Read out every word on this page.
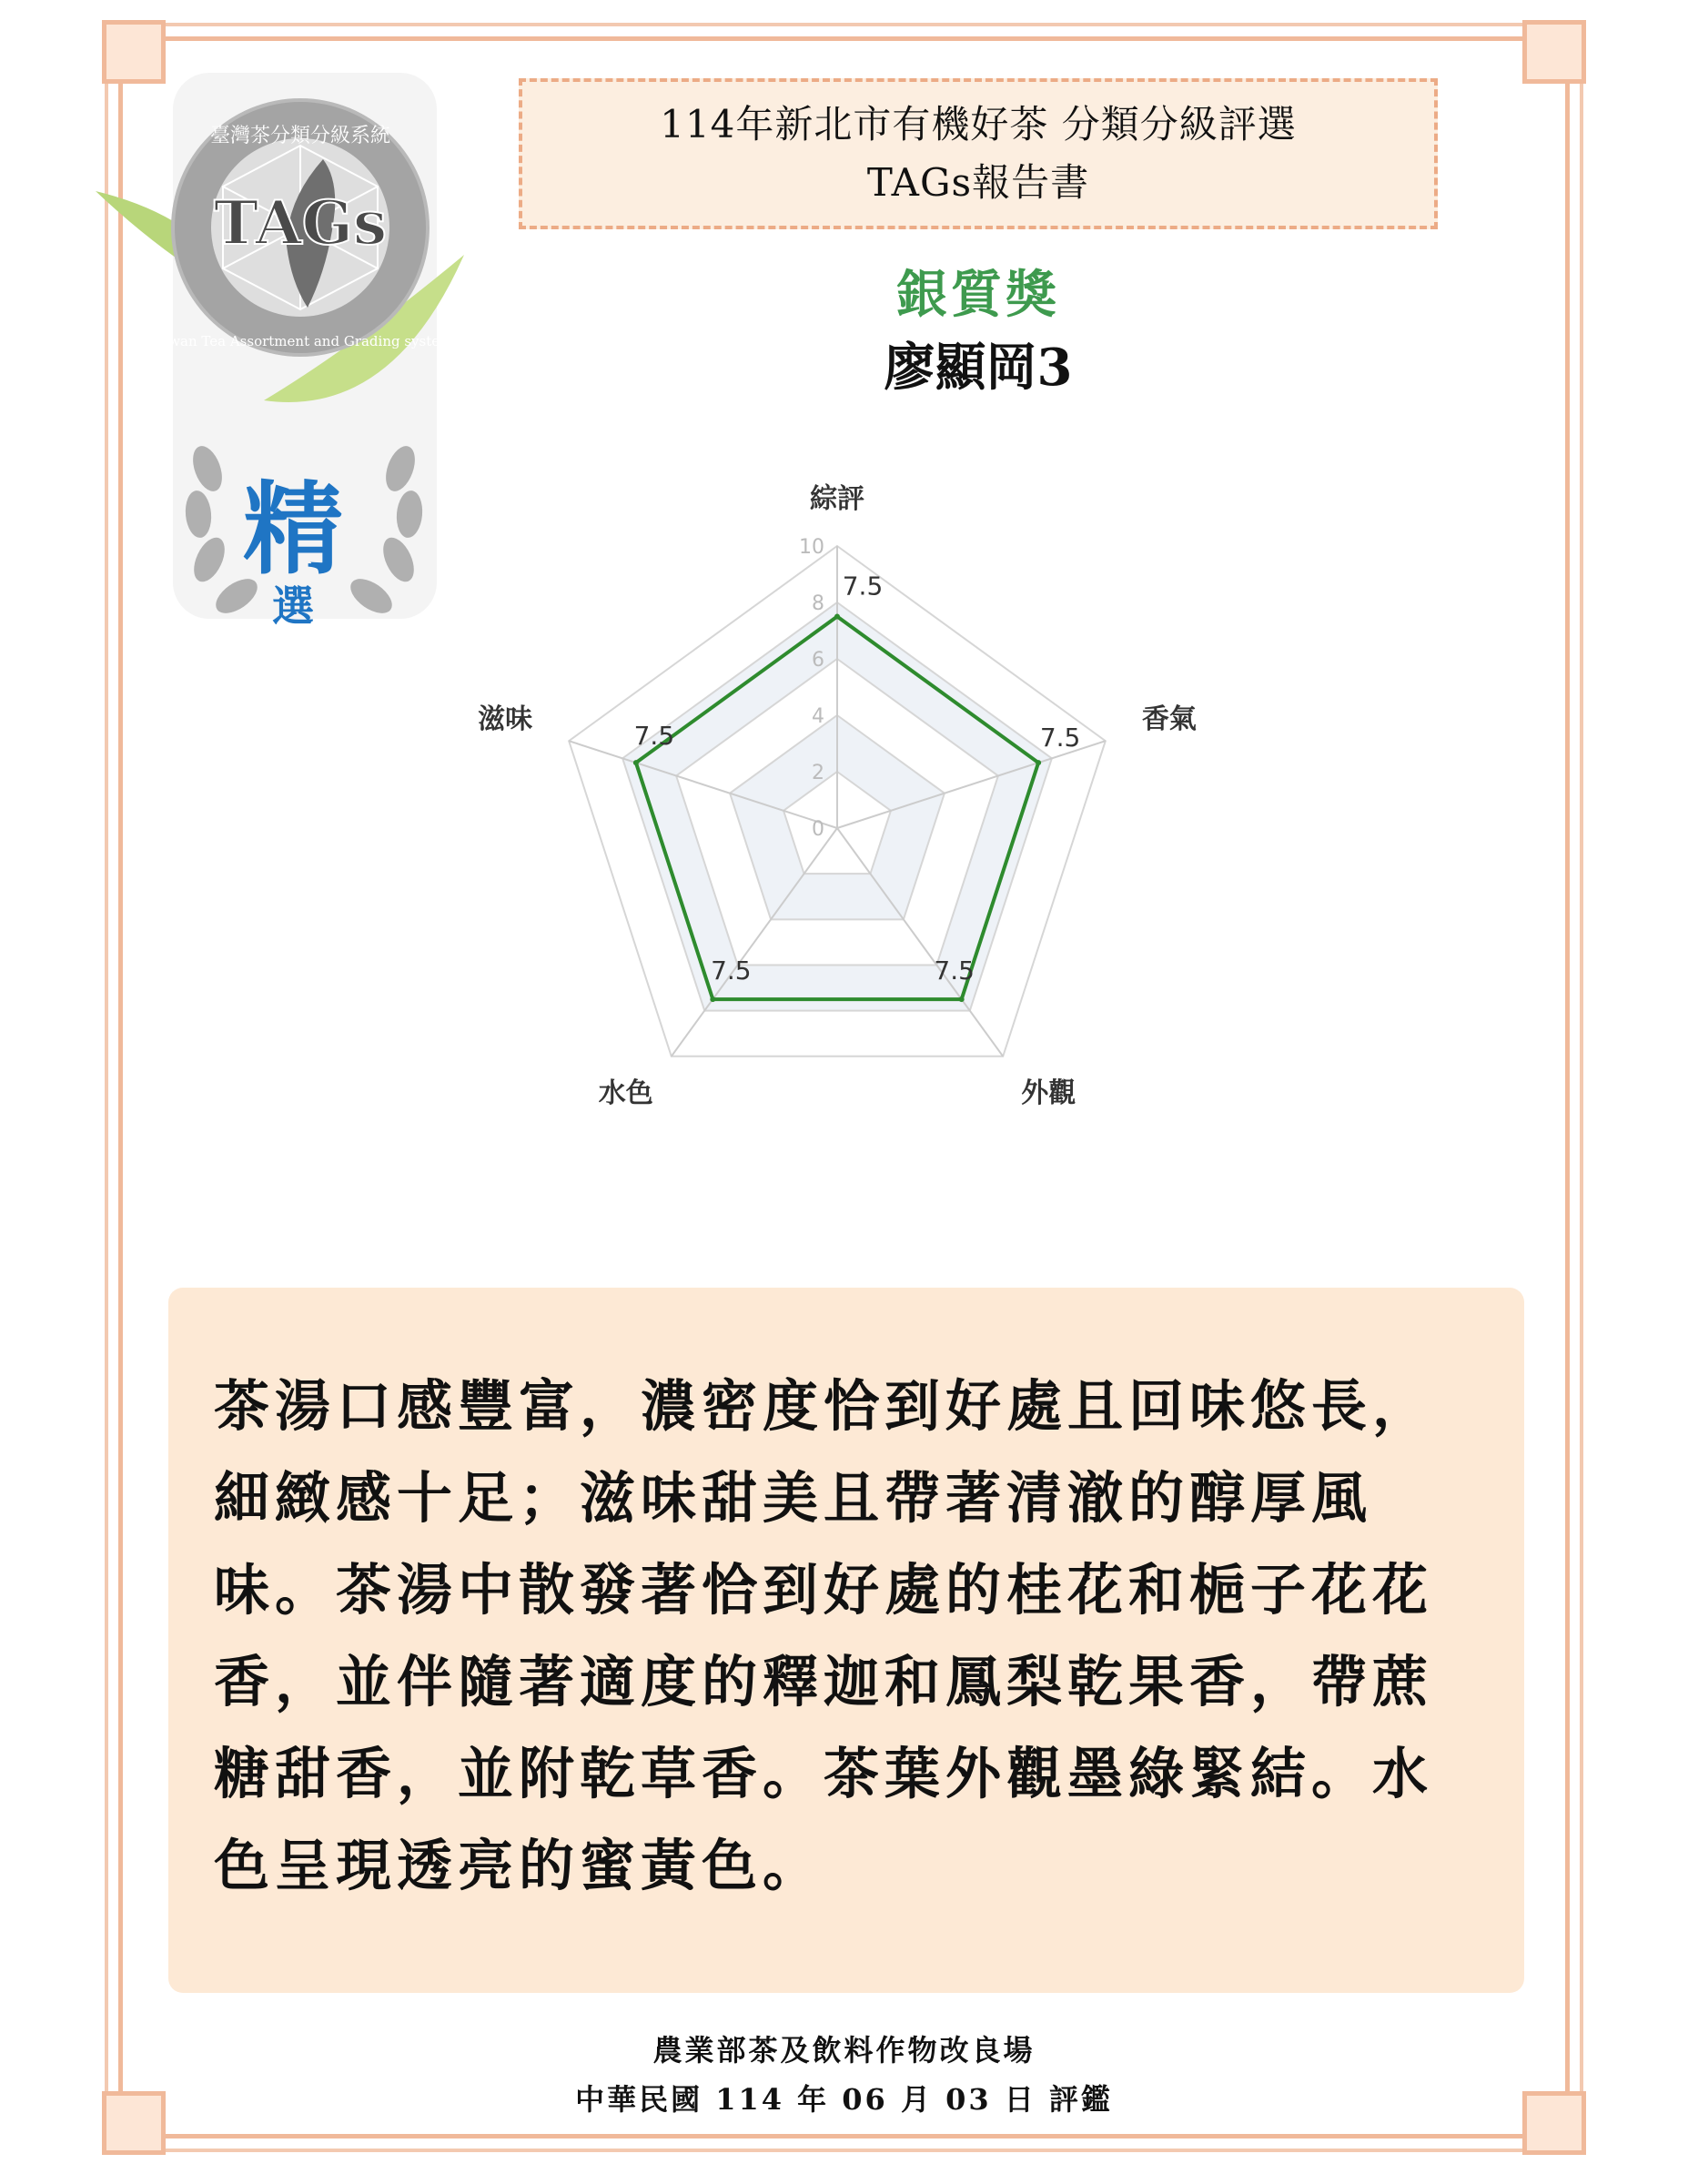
TAGs
臺灣茶分類分級系統
Taiwan Tea Assortment and Grading system
精
選
114年新北市有機好茶 分類分級評選
TAGs報告書
銀質獎
廖顯岡3
0
2
4
6
8
10
7.5
7.5
7.5
7.5
7.5
綜評
香氣
外觀
水色
滋味

茶湯口感豐富，濃密度恰到好處且回味悠長，細緻感十足；滋味甜美且帶著清澈的醇厚風味。茶湯中散發著恰到好處的桂花和梔子花花香，並伴隨著適度的釋迦和鳳梨乾果香，帶蔗糖甜香，並附乾草香。茶葉外觀墨綠緊結。水色呈現透亮的蜜黃色。

農業部茶及飲料作物改良場
中華民國 114 年 06 月 03 日 評鑑
